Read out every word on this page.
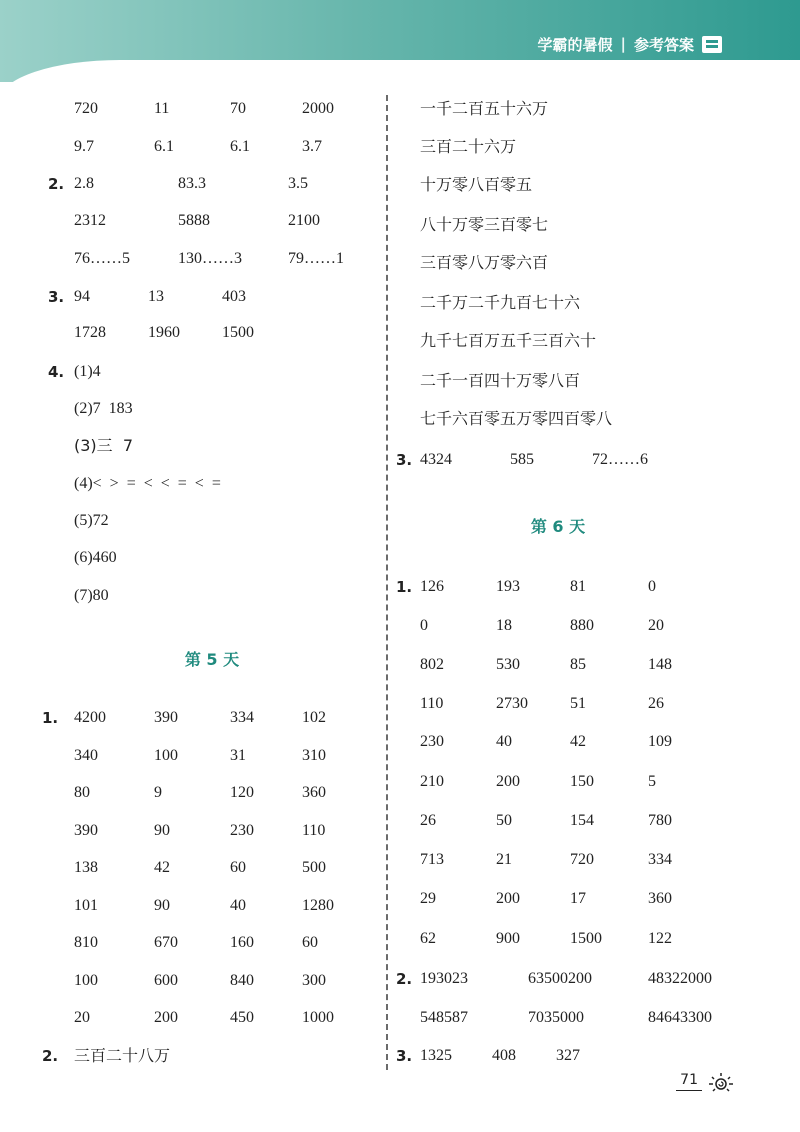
学霸的暑假 | 参考答案
720	11	70	2000
9.7	6.1	6.1	3.7
2. 2.8	83.3	3.5
2312	5888	2100
76……5	130……3	79……1
3. 94	13	403
1728	1960	1500
4. (1)4
(2)7  183
(3)三  7
(4)<  >  =  <  <  =  <  =
(5)72
(6)460
(7)80
第 5 天
1. 4200	390	334	102
340	100	31	310
80	9	120	360
390	90	230	110
138	42	60	500
101	90	40	1280
810	670	160	60
100	600	840	300
20	200	450	1000
2. 三百二十八万
一千二百五十六万
三百二十六万
十万零八百零五
八十万零三百零七
三百零八万零六百
二千万二千九百七十六
九千七百万五千三百六十
二千一百四十万零八百
七千六百零五万零四百零八
3. 4324	585	72……6
第 6 天
1. 126	193	81	0
0	18	880	20
802	530	85	148
110	2730	51	26
230	40	42	109
210	200	150	5
26	50	154	780
713	21	720	334
29	200	17	360
62	900	1500	122
2. 193023	63500200	48322000
548587	7035000	84643300
3. 1325	408	327
71
